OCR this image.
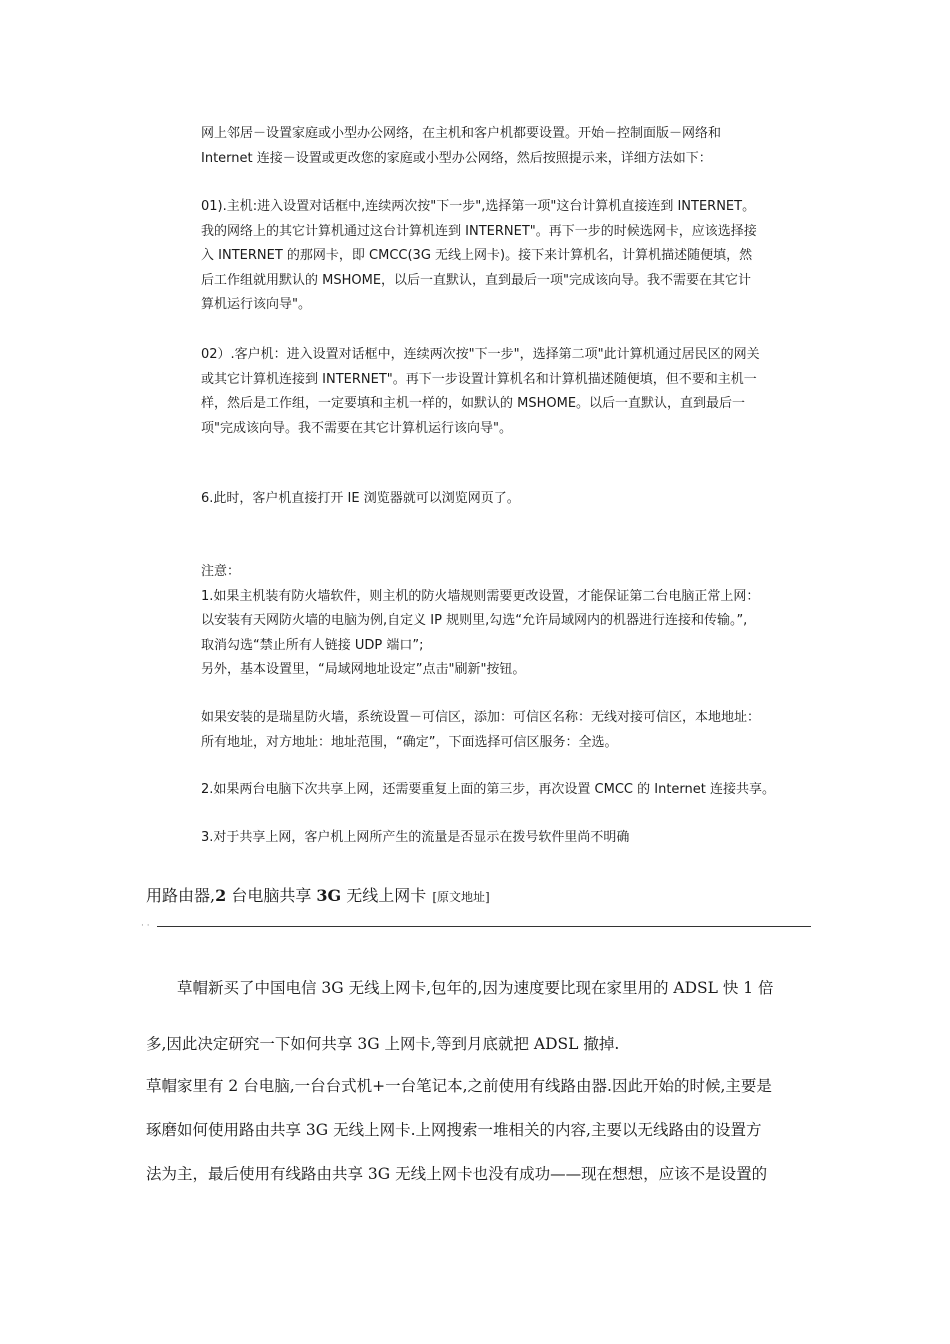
网上邻居－设置家庭或小型办公网络，在主机和客户机都要设置。开始－控制面版－网络和
Internet 连接－设置或更改您的家庭或小型办公网络，然后按照提示来，详细方法如下：
01).主机:进入设置对话框中,连续两次按"下一步",选择第一项"这台计算机直接连到 INTERNET。
我的网络上的其它计算机通过这台计算机连到 INTERNET"。再下一步的时候选网卡，应该选择接
入 INTERNET 的那网卡，即 CMCC(3G 无线上网卡)。接下来计算机名，计算机描述随便填，然
后工作组就用默认的 MSHOME，以后一直默认，直到最后一项"完成该向导。我不需要在其它计
算机运行该向导"。
02）.客户机：进入设置对话框中，连续两次按"下一步"，选择第二项"此计算机通过居民区的网关
或其它计算机连接到 INTERNET"。再下一步设置计算机名和计算机描述随便填，但不要和主机一
样，然后是工作组，一定要填和主机一样的，如默认的 MSHOME。以后一直默认，直到最后一
项"完成该向导。我不需要在其它计算机运行该向导"。
6.此时，客户机直接打开 IE 浏览器就可以浏览网页了。
注意：
1.如果主机装有防火墙软件，则主机的防火墙规则需要更改设置，才能保证第二台电脑正常上网：
以安装有天网防火墙的电脑为例,自定义 IP 规则里,勾选“允许局域网内的机器进行连接和传输。”,
取消勾选“禁止所有人链接 UDP 端口”;
另外，基本设置里，“局域网地址设定”点击"刷新"按钮。
如果安装的是瑞星防火墙，系统设置－可信区，添加：可信区名称：无线对接可信区，本地地址：
所有地址，对方地址：地址范围，“确定”，下面选择可信区服务：全选。
2.如果两台电脑下次共享上网，还需要重复上面的第三步，再次设置 CMCC 的 Internet 连接共享。
3.对于共享上网，客户机上网所产生的流量是否显示在拨号软件里尚不明确
用路由器,2 台电脑共享 3G 无线上网卡 [原文地址]
· ·
草帽新买了中国电信 3G 无线上网卡,包年的,因为速度要比现在家里用的 ADSL 快 1 倍
多,因此决定研究一下如何共享 3G 上网卡,等到月底就把 ADSL 撤掉.
草帽家里有 2 台电脑,一台台式机+一台笔记本,之前使用有线路由器.因此开始的时候,主要是
琢磨如何使用路由共享 3G 无线上网卡.上网搜索一堆相关的内容,主要以无线路由的设置方
法为主，最后使用有线路由共享 3G 无线上网卡也没有成功——现在想想，应该不是设置的
